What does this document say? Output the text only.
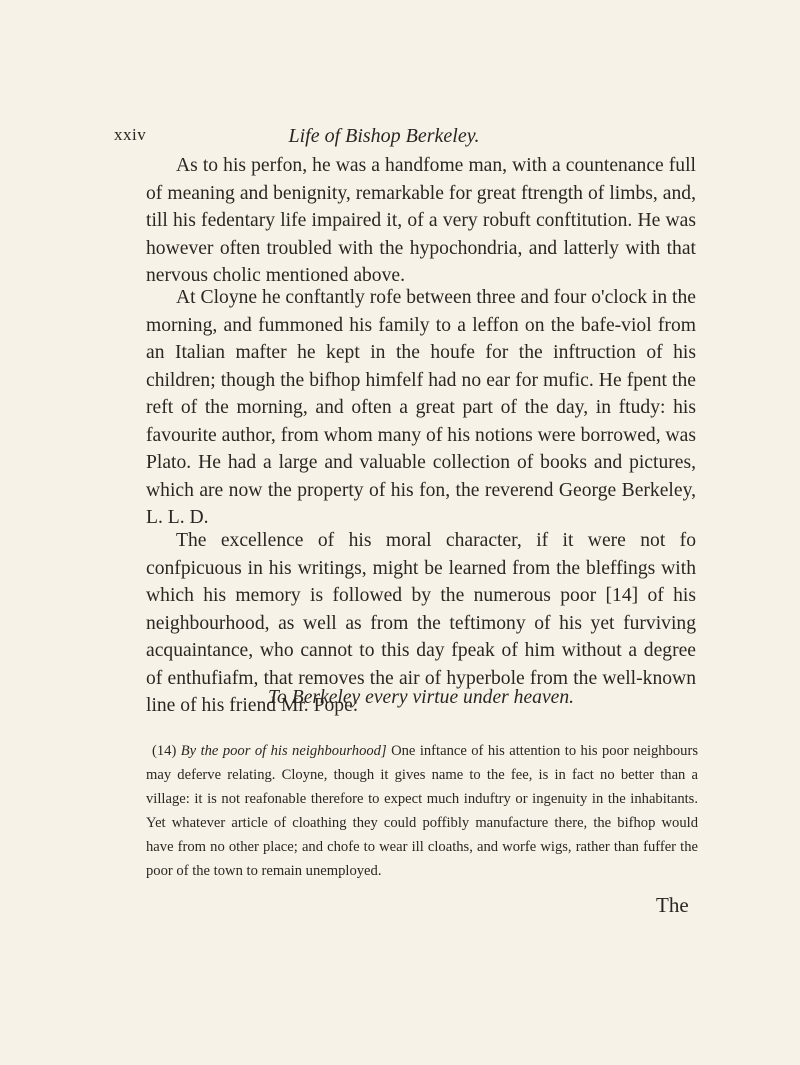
xxiv	Life of Bishop Berkeley.

As to his perfon, he was a handfome man, with a countenance full of meaning and benignity, remarkable for great ftrength of limbs, and, till his fedentary life impaired it, of a very robuft conftitution. He was however often troubled with the hypochondria, and latterly with that nervous cholic mentioned above.

At Cloyne he conftantly rofe between three and four o'clock in the morning, and fummoned his family to a leffon on the bafe-viol from an Italian mafter he kept in the houfe for the inftruction of his children; though the bifhop himfelf had no ear for mufic. He fpent the reft of the morning, and often a great part of the day, in ftudy: his favourite author, from whom many of his notions were borrowed, was Plato. He had a large and valuable collection of books and pictures, which are now the property of his fon, the reverend George Berkeley, L. L. D.

The excellence of his moral character, if it were not fo confpicuous in his writings, might be learned from the bleffings with which his memory is followed by the numerous poor [14] of his neighbourhood, as well as from the teftimony of his yet furviving acquaintance, who cannot to this day fpeak of him without a degree of enthufiafm, that removes the air of hyperbole from the well-known line of his friend Mr. Pope:

To Berkeley every virtue under heaven.
(14) By the poor of his neighbourhood] One inftance of his attention to his poor neighbours may deferve relating. Cloyne, though it gives name to the fee, is in fact no better than a village: it is not reafonable therefore to expect much induftry or ingenuity in the inhabitants. Yet whatever article of cloathing they could poffibly manufacture there, the bifhop would have from no other place; and chofe to wear ill cloaths, and worfe wigs, rather than fuffer the poor of the town to remain unemployed.
The
